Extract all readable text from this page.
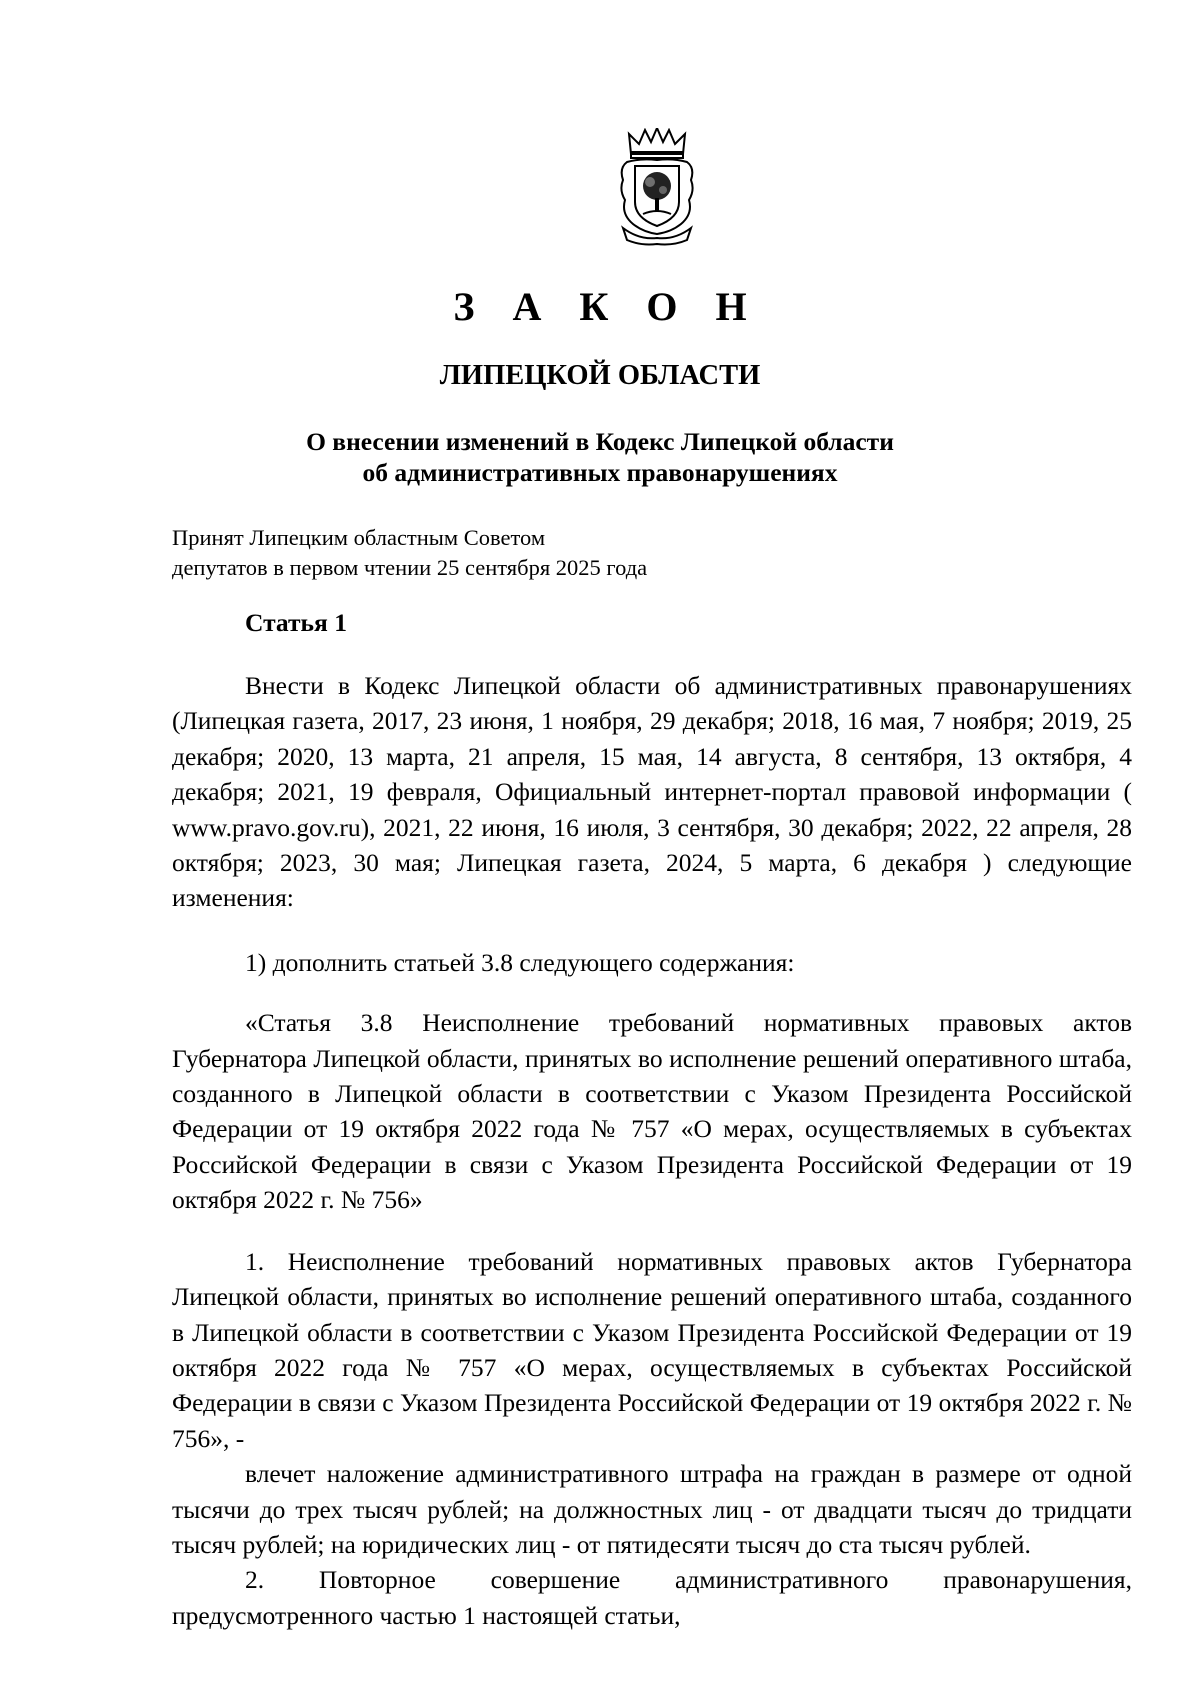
З А К О Н
ЛИПЕЦКОЙ ОБЛАСТИ
О внесении изменений в Кодекс Липецкой области
об административных правонарушениях
Принят Липецким областным Советом
депутатов в первом чтении 25 сентября 2025 года
Статья 1

Внести в Кодекс Липецкой области об административных правонарушениях (Липецкая газета, 2017, 23 июня, 1 ноября, 29 декабря; 2018, 16 мая, 7 ноября; 2019, 25 декабря; 2020, 13 марта, 21 апреля, 15 мая, 14 августа, 8 сентября, 13 октября, 4 декабря; 2021, 19 февраля, Официальный интернет-портал правовой информации ( www.pravo.gov.ru), 2021, 22 июня, 16 июля, 3 сентября, 30 декабря; 2022, 22 апреля, 28 октября; 2023, 30 мая; Липецкая газета, 2024, 5 марта, 6 декабря ) следующие изменения:

1) дополнить статьей 3.8 следующего содержания:

«Статья 3.8 Неисполнение требований нормативных правовых актов Губернатора Липецкой области, принятых во исполнение решений оперативного штаба, созданного в Липецкой области в соответствии с Указом Президента Российской Федерации от 19 октября 2022 года № 757 «О мерах, осуществляемых в субъектах Российской Федерации в связи с Указом Президента Российской Федерации от 19 октября 2022 г. № 756»

1. Неисполнение требований нормативных правовых актов Губернатора Липецкой области, принятых во исполнение решений оперативного штаба, созданного в Липецкой области в соответствии с Указом Президента Российской Федерации от 19 октября 2022 года № 757 «О мерах, осуществляемых в субъектах Российской Федерации в связи с Указом Президента Российской Федерации от 19 октября 2022 г. № 756», -

влечет наложение административного штрафа на граждан в размере от одной тысячи до трех тысяч рублей; на должностных лиц - от двадцати тысяч до тридцати тысяч рублей; на юридических лиц - от пятидесяти тысяч до ста тысяч рублей.

2. Повторное совершение административного правонарушения, предусмотренного частью 1 настоящей статьи,
